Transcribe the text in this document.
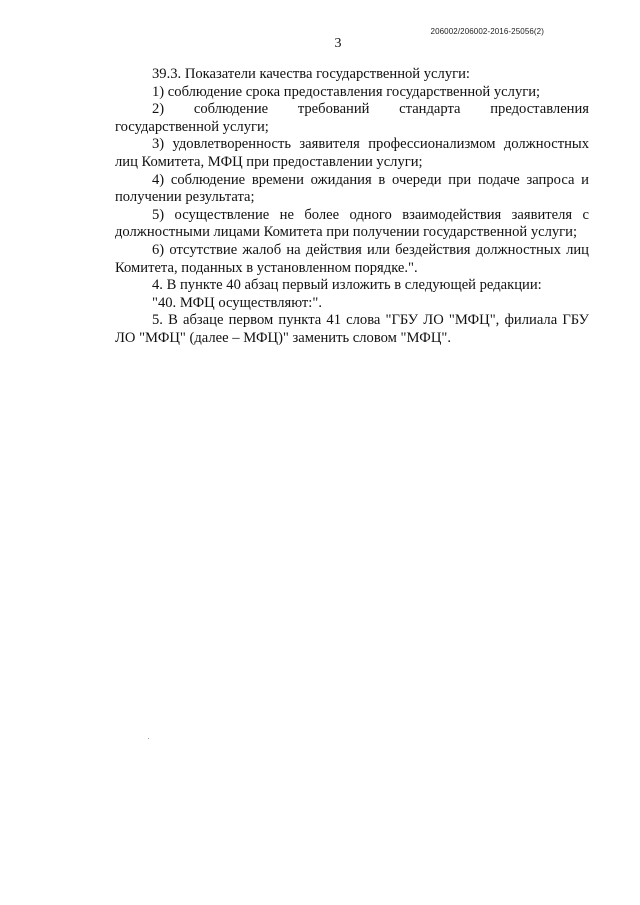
206002/206002-2016-25056(2)
3

39.3. Показатели качества государственной услуги:

1) соблюдение срока предоставления государственной услуги;

2) соблюдение требований стандарта предоставления государственной услуги;

3) удовлетворенность заявителя профессионализмом должностных лиц Комитета, МФЦ при предоставлении услуги;

4) соблюдение времени ожидания в очереди при подаче запроса и получении результата;

5) осуществление не более одного взаимодействия заявителя с должностными лицами Комитета при получении государственной услуги;

6) отсутствие жалоб на действия или бездействия должностных лиц Комитета, поданных в установленном порядке.".

4. В пункте 40 абзац первый изложить в следующей редакции:

"40. МФЦ осуществляют:".

5. В абзаце первом пункта 41 слова "ГБУ ЛО "МФЦ", филиала ГБУ ЛО "МФЦ" (далее – МФЦ)" заменить словом "МФЦ".
